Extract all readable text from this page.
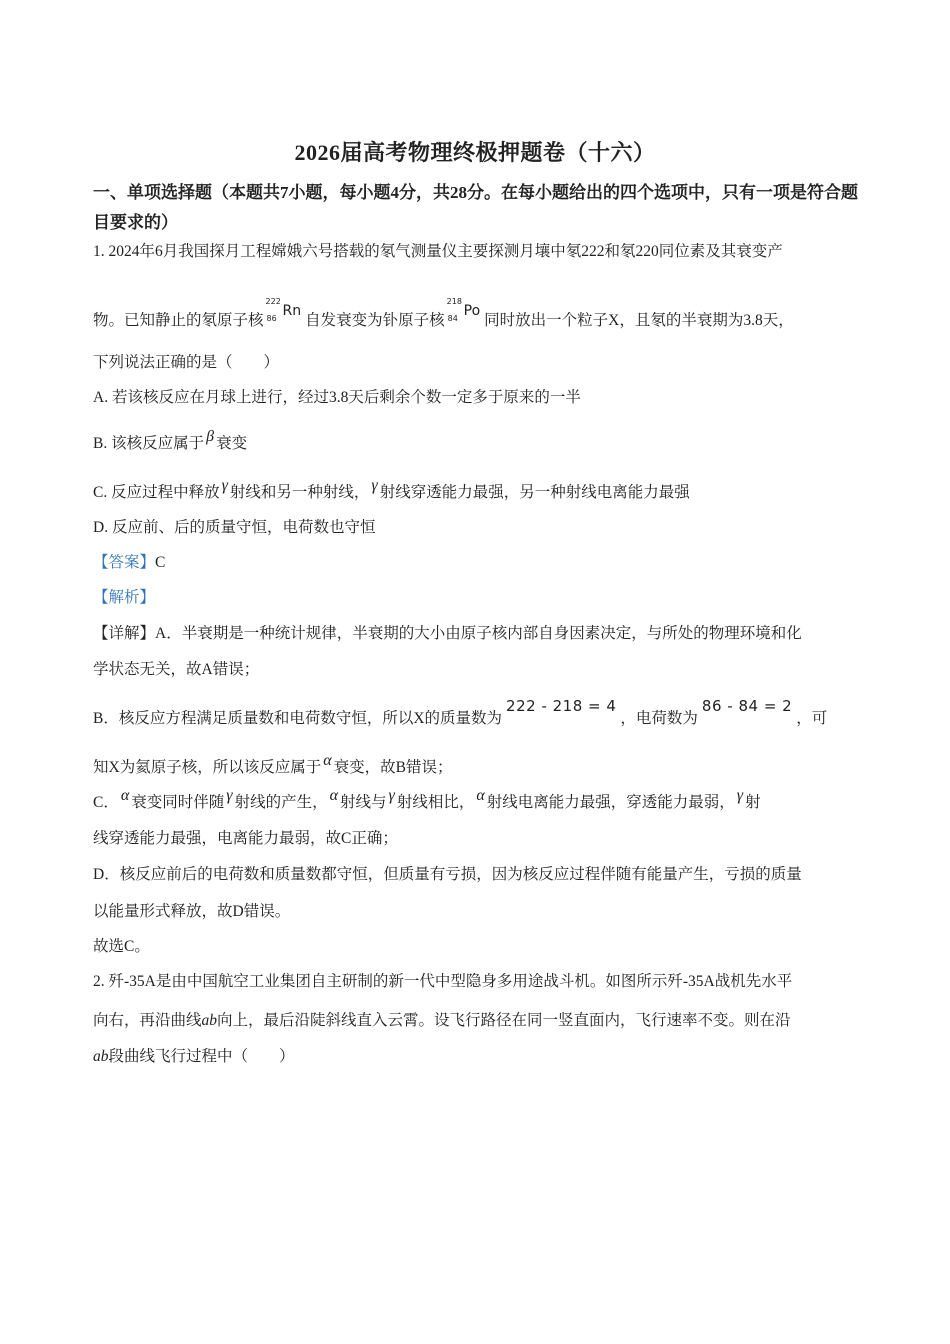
2026届高考物理终极押题卷（十六）
一、单项选择题（本题共7小题，每小题4分，共28分。在每小题给出的四个选项中，只有一项是符合题目要求的）
1. 2024年6月我国探月工程嫦娥六号搭载的氡气测量仪主要探测月壤中氡222和氡220同位素及其衰变产
物。已知静止的氡原子核
222
86 Rn自发衰变为钋原子核
218
84 Po同时放出一个粒子X，且氡的半衰期为3.8天，
下列说法正确的是（　　）
A. 若该核反应在月球上进行，经过3.8天后剩余个数一定多于原来的一半
B. 该核反应属于 β 衰变
C. 反应过程中释放 γ 射线和另一种射线， γ 射线穿透能力最强，另一种射线电离能力最强
D. 反应前、后的质量守恒，电荷数也守恒
【答案】C
【解析】
【详解】A．半衰期是一种统计规律，半衰期的大小由原子核内部自身因素决定，与所处的物理环境和化
学状态无关，故A错误；
B．核反应方程满足质量数和电荷数守恒，所以X的质量数为222 - 218 = 4，电荷数为86 - 84 = 2，可
知X为氦原子核，所以该反应属于 α 衰变，故B错误；
C． α 衰变同时伴随 γ 射线的产生， α 射线与 γ 射线相比， α 射线电离能力最强，穿透能力最弱， γ 射
线穿透能力最强，电离能力最弱，故C正确；
D．核反应前后的电荷数和质量数都守恒，但质量有亏损，因为核反应过程伴随有能量产生，亏损的质量
以能量形式释放，故D错误。
故选C。
2. 歼-35A是由中国航空工业集团自主研制的新一代中型隐身多用途战斗机。如图所示歼-35A战机先水平
向右，再沿曲线ab向上，最后沿陡斜线直入云霄。设飞行路径在同一竖直面内，飞行速率不变。则在沿
ab段曲线飞行过程中（　　）
